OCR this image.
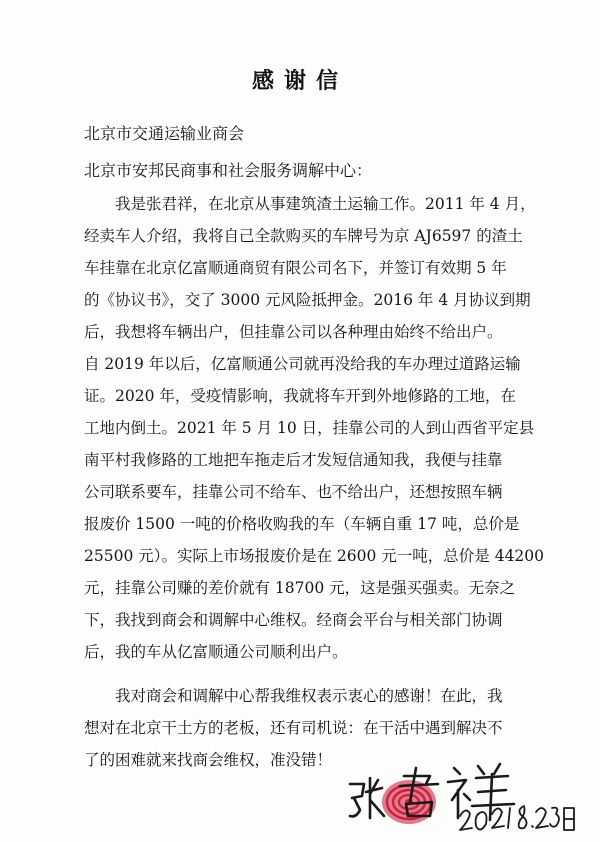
感谢信
北京市交通运输业商会
北京市安邦民商事和社会服务调解中心：
我是张君祥，在北京从事建筑渣土运输工作。2011 年 4 月，
经卖车人介绍，我将自己全款购买的车牌号为京 AJ6597 的渣土
车挂靠在北京亿富顺通商贸有限公司名下，并签订有效期 5 年
的《协议书》，交了 3000 元风险抵押金。2016 年 4 月协议到期
后，我想将车辆出户，但挂靠公司以各种理由始终不给出户。
自 2019 年以后，亿富顺通公司就再没给我的车办理过道路运输
证。2020 年，受疫情影响，我就将车开到外地修路的工地，在
工地内倒土。2021 年 5 月 10 日，挂靠公司的人到山西省平定县
南平村我修路的工地把车拖走后才发短信通知我，我便与挂靠
公司联系要车，挂靠公司不给车、也不给出户，还想按照车辆
报废价 1500 一吨的价格收购我的车（车辆自重 17 吨，总价是
25500 元）。实际上市场报废价是在 2600 元一吨，总价是 44200
元，挂靠公司赚的差价就有 18700 元，这是强买强卖。无奈之
下，我找到商会和调解中心维权。经商会平台与相关部门协调
后，我的车从亿富顺通公司顺利出户。
我对商会和调解中心帮我维权表示衷心的感谢！在此，我
想对在北京干土方的老板，还有司机说：在干活中遇到解决不
了的困难就来找商会维权，准没错！
